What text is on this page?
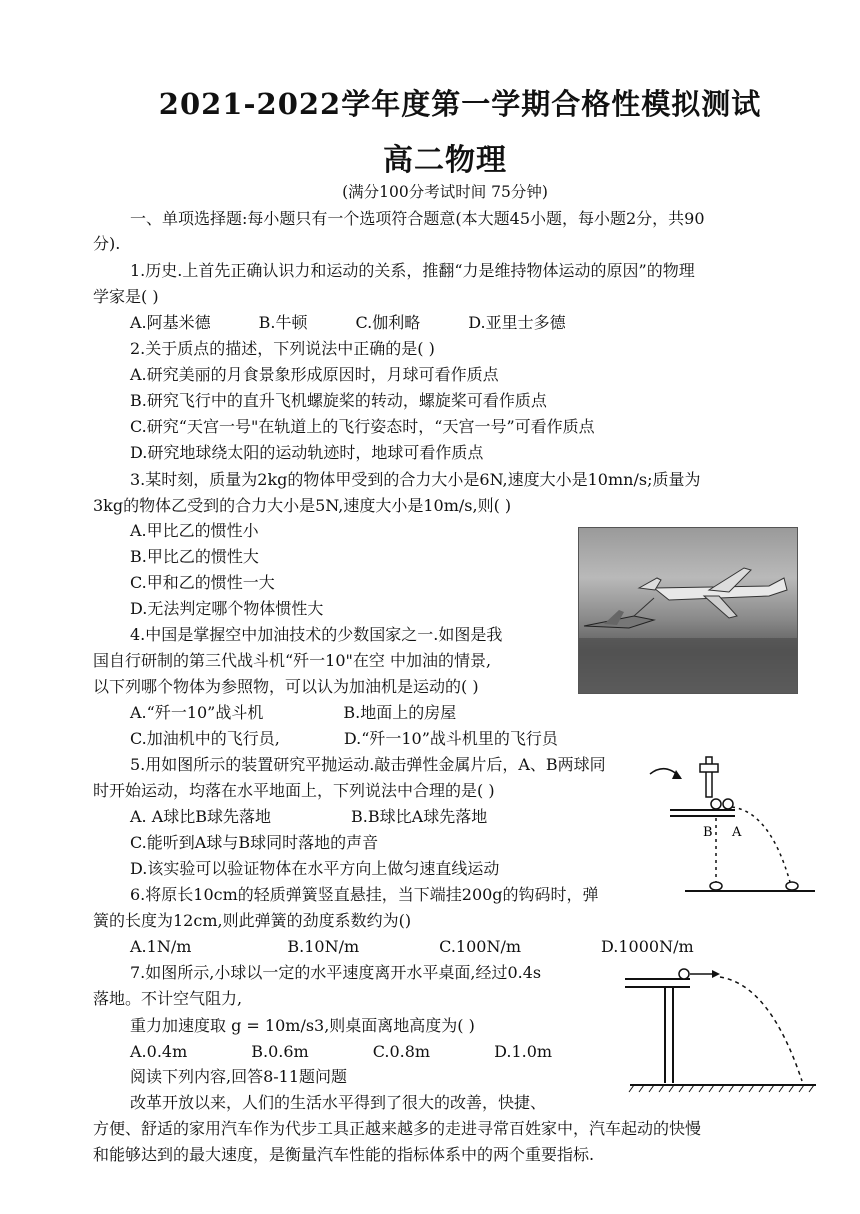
2021-2022学年度第一学期合格性模拟测试
高二物理
(满分100分考试时间 75分钟)
一、单项选择题:每小题只有一个选项符合题意(本大题45小题，每小题2分，共90
分).
1.历史.上首先正确认识力和运动的关系，推翻“力是维持物体运动的原因”的物理
学家是( )
A.阿基米德　　　B.牛顿　　　C.伽利略　　　D.亚里士多德
2.关于质点的描述，下列说法中正确的是( )
A.研究美丽的月食景象形成原因时，月球可看作质点
B.研究飞行中的直升飞机螺旋桨的转动，螺旋桨可看作质点
C.研究“天宫一号"在轨道上的飞行姿态时，“天宫一号”可看作质点
D.研究地球绕太阳的运动轨迹时，地球可看作质点
3.某时刻，质量为2kg的物体甲受到的合力大小是6N,速度大小是10mn/s;质量为
3kg的物体乙受到的合力大小是5N,速度大小是10m/s,则( )
A.甲比乙的惯性小
B.甲比乙的惯性大
C.甲和乙的惯性一大
D.无法判定哪个物体惯性大
4.中国是掌握空中加油技术的少数国家之一.如图是我
国自行研制的第三代战斗机“歼一10"在空 中加油的情景,
以下列哪个物体为参照物，可以认为加油机是运动的( )
A.“歼一10”战斗机　　　　　B.地面上的房屋
C.加油机中的飞行员,　　　　D.“歼一10”战斗机里的飞行员
5.用如图所示的装置研究平抛运动.敲击弹性金属片后，A、B两球同
时开始运动，均落在水平地面上，下列说法中合理的是( )
A. A球比B球先落地　　　　　B.B球比A球先落地
C.能听到A球与B球同时落地的声音
D.该实验可以验证物体在水平方向上做匀速直线运动
6.将原长10cm的轻质弹簧竖直悬挂，当下端挂200g的钩码时，弹
簧的长度为12cm,则此弹簧的劲度系数约为()
A.1N/m　　　　　　B.10N/m　　　　　C.100N/m　　　　　D.1000N/m
7.如图所示,小球以一定的水平速度离开水平桌面,经过0.4s
落地。不计空气阻力,
重力加速度取 g = 10m/s3,则桌面离地高度为( )
A.0.4m　　　　B.0.6m　　　　C.0.8m　　　　D.1.0m
阅读下列内容,回答8-11题问题
改革开放以来，人们的生活水平得到了很大的改善，快捷、
方便、舒适的家用汽车作为代步工具正越来越多的走进寻常百姓家中，汽车起动的快慢
和能够达到的最大速度，是衡量汽车性能的指标体系中的两个重要指标.
B A
